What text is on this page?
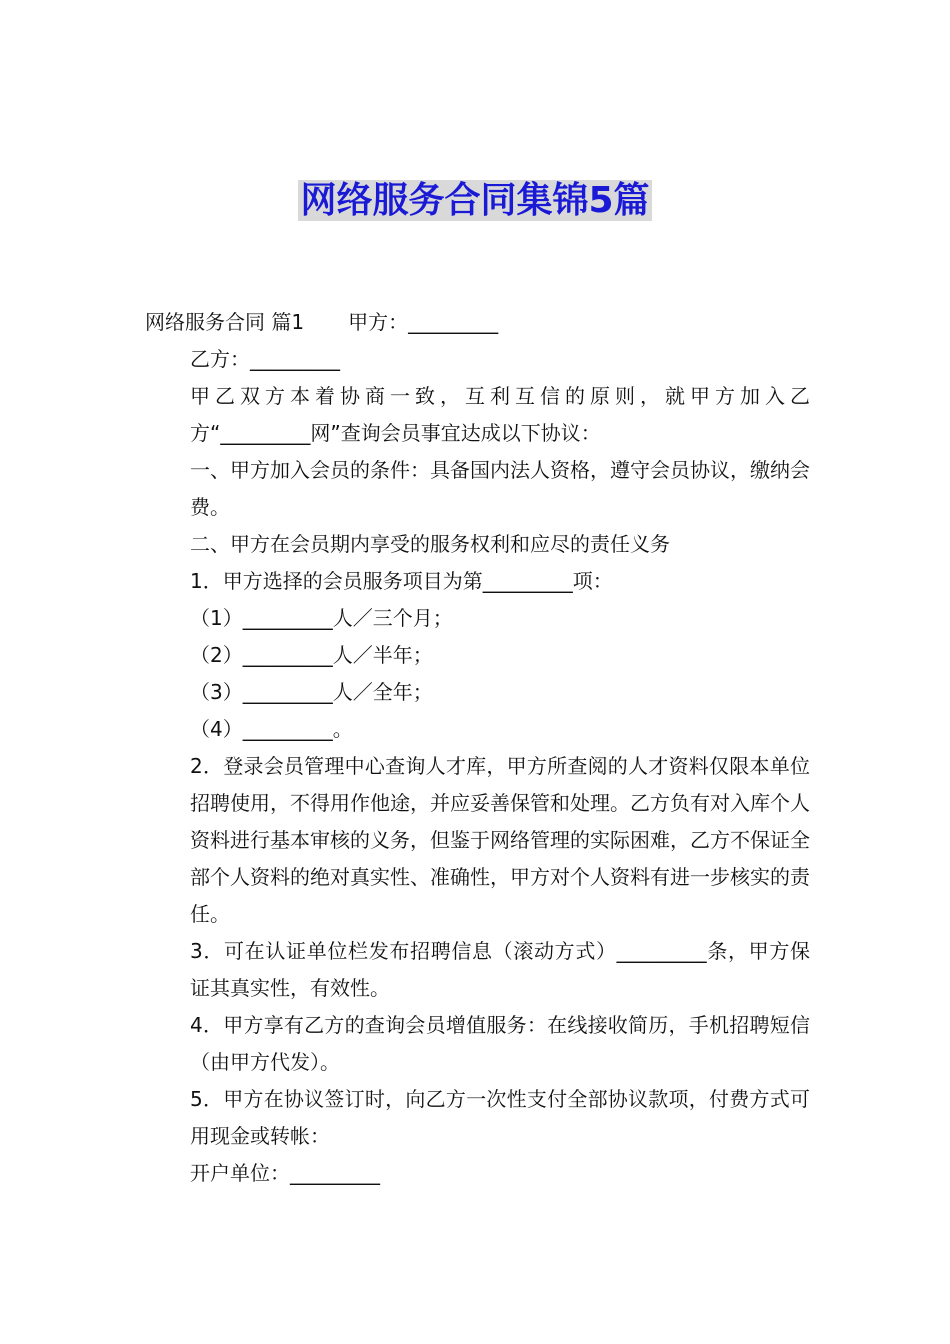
网络服务合同集锦5篇

网络服务合同 篇1 甲方：_________

乙方：_________

甲乙双方本着协商一致，互利互信的原则，就甲方加入乙方“_________网”查询会员事宜达成以下协议：

一、甲方加入会员的条件：具备国内法人资格，遵守会员协议，缴纳会费。

二、甲方在会员期内享受的服务权利和应尽的责任义务

1．甲方选择的会员服务项目为第_________项：

（1）_________人／三个月；

（2）_________人／半年；

（3）_________人／全年；

（4）_________。

2．登录会员管理中心查询人才库，甲方所查阅的人才资料仅限本单位招聘使用，不得用作他途，并应妥善保管和处理。乙方负有对入库个人资料进行基本审核的义务，但鉴于网络管理的实际困难，乙方不保证全部个人资料的绝对真实性、准确性，甲方对个人资料有进一步核实的责任。

3．可在认证单位栏发布招聘信息（滚动方式）_________条，甲方保证其真实性，有效性。

4．甲方享有乙方的查询会员增值服务：在线接收简历，手机招聘短信（由甲方代发）。

5．甲方在协议签订时，向乙方一次性支付全部协议款项，付费方式可用现金或转帐：

开户单位：_________
